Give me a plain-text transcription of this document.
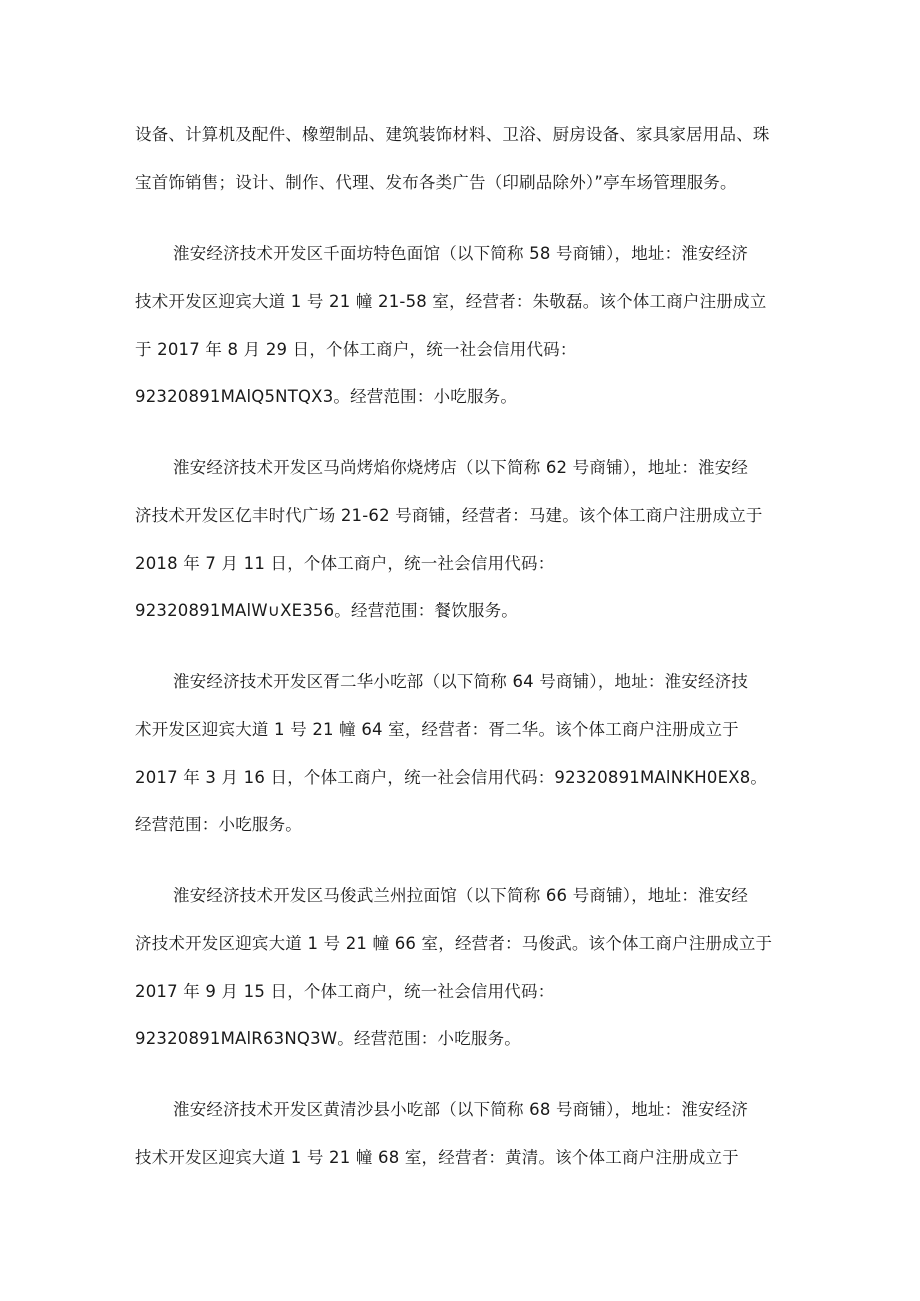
设备、计算机及配件、橡塑制品、建筑装饰材料、卫浴、厨房设备、家具家居用品、珠
宝首饰销售；设计、制作、代理、发布各类广告（印刷品除外）”亭车场管理服务。
淮安经济技术开发区千面坊特色面馆（以下简称 58 号商铺），地址：淮安经济
技术开发区迎宾大道 1 号 21 幢 21-58 室，经营者：朱敬磊。该个体工商户注册成立
于 2017 年 8 月 29 日，个体工商户，统一社会信用代码：
92320891MAlQ5NTQX3。经营范围：小吃服务。
淮安经济技术开发区马尚烤焰你烧烤店（以下简称 62 号商铺），地址：淮安经
济技术开发区亿丰时代广场 21-62 号商铺，经营者：马建。该个体工商户注册成立于
2018 年 7 月 11 日，个体工商户，统一社会信用代码：
92320891MAlW∪XE356。经营范围：餐饮服务。
淮安经济技术开发区胥二华小吃部（以下简称 64 号商铺），地址：淮安经济技
术开发区迎宾大道 1 号 21 幢 64 室，经营者：胥二华。该个体工商户注册成立于
2017 年 3 月 16 日，个体工商户，统一社会信用代码：92320891MAlNKH0EX8。
经营范围：小吃服务。
淮安经济技术开发区马俊武兰州拉面馆（以下简称 66 号商铺），地址：淮安经
济技术开发区迎宾大道 1 号 21 幢 66 室，经营者：马俊武。该个体工商户注册成立于
2017 年 9 月 15 日，个体工商户，统一社会信用代码：
92320891MAlR63NQ3W。经营范围：小吃服务。
淮安经济技术开发区黄清沙县小吃部（以下简称 68 号商铺），地址：淮安经济
技术开发区迎宾大道 1 号 21 幢 68 室，经营者：黄清。该个体工商户注册成立于
